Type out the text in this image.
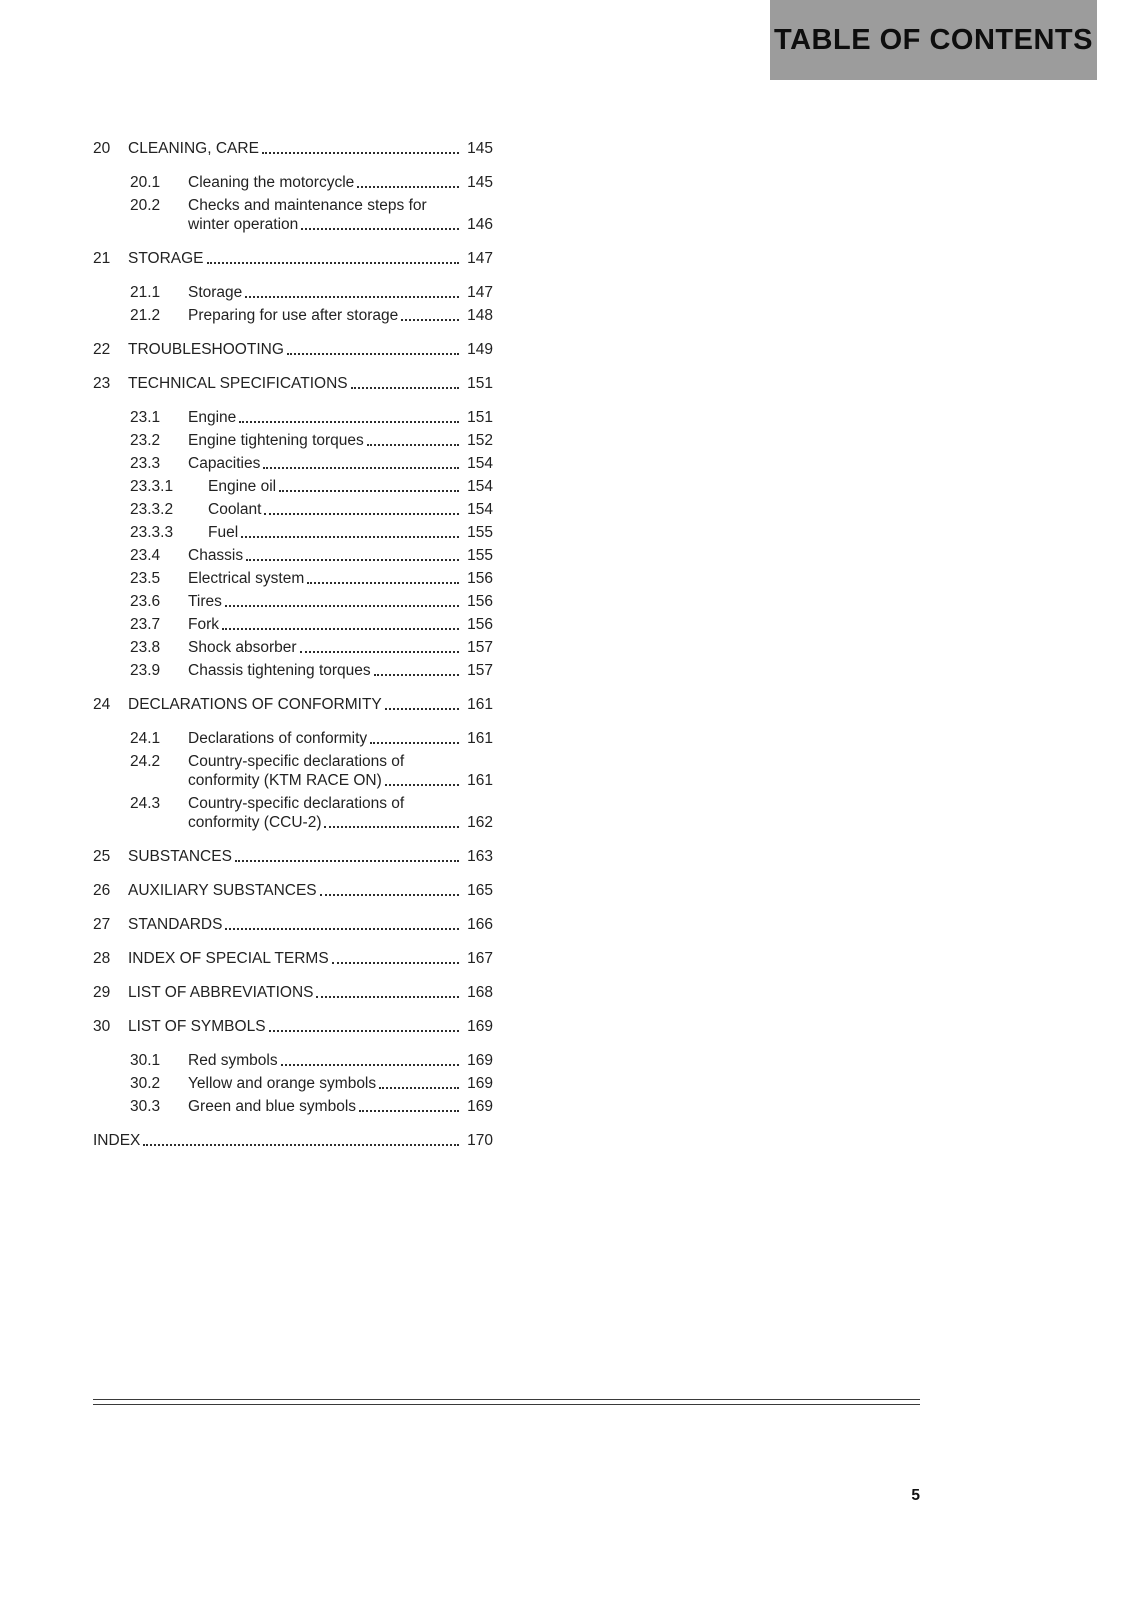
TABLE OF CONTENTS
20	CLEANING, CARE	145
20.1	Cleaning the motorcycle	145
20.2	Checks and maintenance steps for
winter operation	146
21	STORAGE	147
21.1	Storage	147
21.2	Preparing for use after storage	148
22	TROUBLESHOOTING	149
23	TECHNICAL SPECIFICATIONS	151
23.1	Engine	151
23.2	Engine tightening torques	152
23.3	Capacities	154
23.3.1	Engine oil	154
23.3.2	Coolant	154
23.3.3	Fuel	155
23.4	Chassis	155
23.5	Electrical system	156
23.6	Tires	156
23.7	Fork	156
23.8	Shock absorber	157
23.9	Chassis tightening torques	157
24	DECLARATIONS OF CONFORMITY	161
24.1	Declarations of conformity	161
24.2	Country-specific declarations of
conformity (KTM RACE ON)	161
24.3	Country-specific declarations of
conformity (CCU-2)	162
25	SUBSTANCES	163
26	AUXILIARY SUBSTANCES	165
27	STANDARDS	166
28	INDEX OF SPECIAL TERMS	167
29	LIST OF ABBREVIATIONS	168
30	LIST OF SYMBOLS	169
30.1	Red symbols	169
30.2	Yellow and orange symbols	169
30.3	Green and blue symbols	169
INDEX	170
5
